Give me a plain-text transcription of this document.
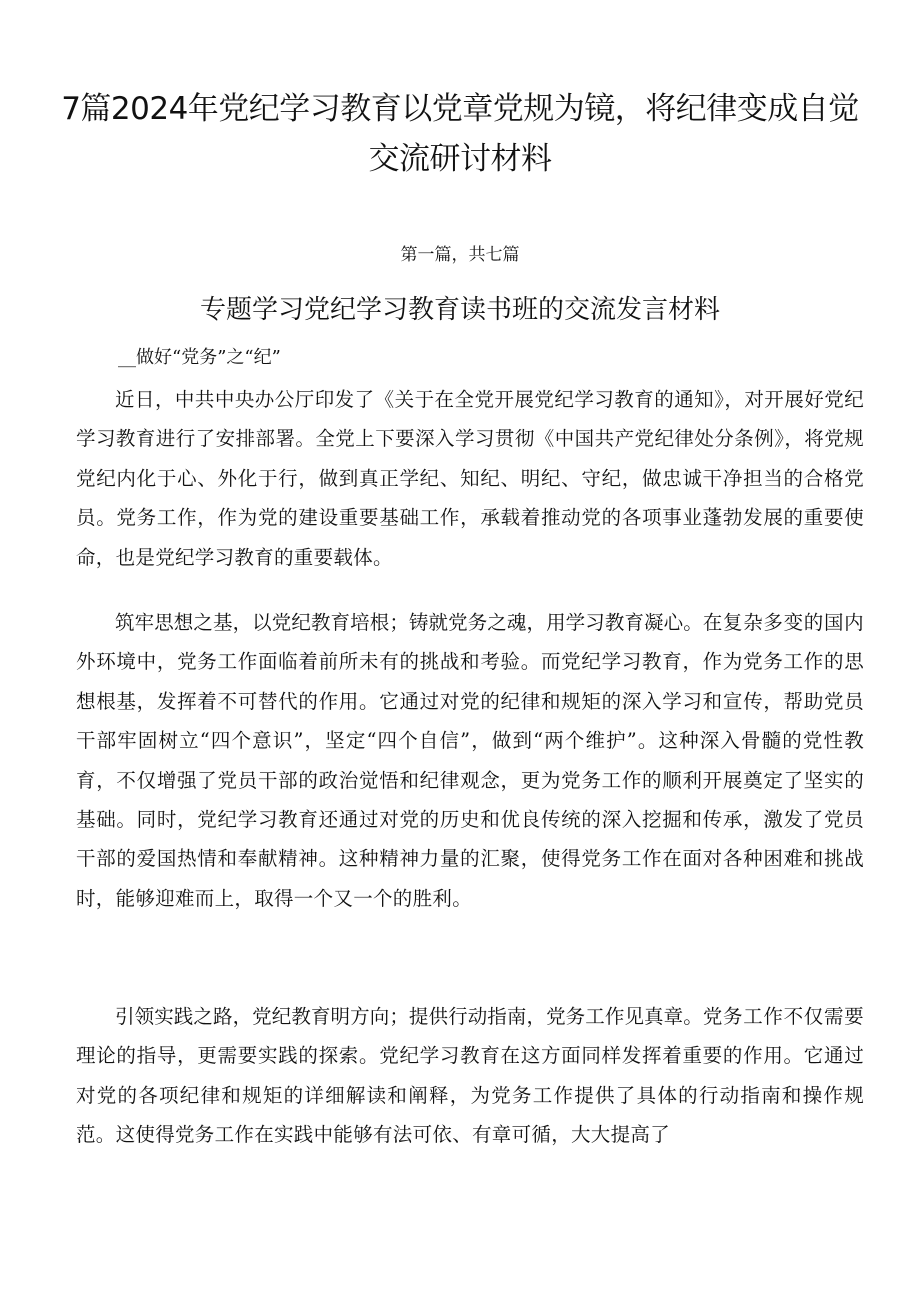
7篇2024年党纪学习教育以党章党规为镜，将纪律变成自觉交流研讨材料
第一篇，共七篇
专题学习党纪学习教育读书班的交流发言材料
__做好“党务”之“纪”

近日，中共中央办公厅印发了《关于在全党开展党纪学习教育的通知》，对开展好党纪学习教育进行了安排部署。全党上下要深入学习贯彻《中国共产党纪律处分条例》，将党规党纪内化于心、外化于行，做到真正学纪、知纪、明纪、守纪，做忠诚干净担当的合格党员。党务工作，作为党的建设重要基础工作，承载着推动党的各项事业蓬勃发展的重要使命，也是党纪学习教育的重要载体。

筑牢思想之基，以党纪教育培根；铸就党务之魂，用学习教育凝心。在复杂多变的国内外环境中，党务工作面临着前所未有的挑战和考验。而党纪学习教育，作为党务工作的思想根基，发挥着不可替代的作用。它通过对党的纪律和规矩的深入学习和宣传，帮助党员干部牢固树立“四个意识”，坚定“四个自信”，做到“两个维护”。这种深入骨髓的党性教育，不仅增强了党员干部的政治觉悟和纪律观念，更为党务工作的顺利开展奠定了坚实的基础。同时，党纪学习教育还通过对党的历史和优良传统的深入挖掘和传承，激发了党员干部的爱国热情和奉献精神。这种精神力量的汇聚，使得党务工作在面对各种困难和挑战时，能够迎难而上，取得一个又一个的胜利。

引领实践之路，党纪教育明方向；提供行动指南，党务工作见真章。党务工作不仅需要理论的指导，更需要实践的探索。党纪学习教育在这方面同样发挥着重要的作用。它通过对党的各项纪律和规矩的详细解读和阐释，为党务工作提供了具体的行动指南和操作规范。这使得党务工作在实践中能够有法可依、有章可循，大大提高了
